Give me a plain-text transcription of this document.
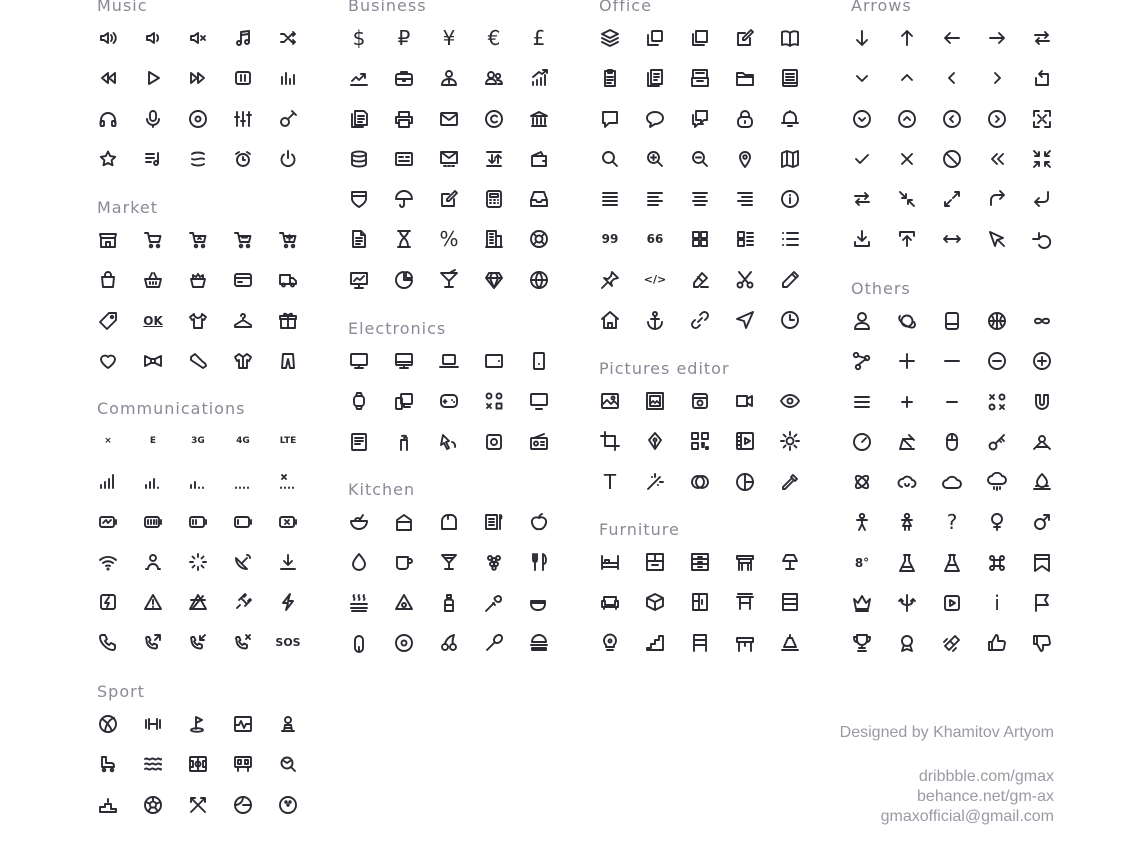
Music
Market
OK
Communications
×	E	3G	4G	LTE
SOS
Sport
Business
$ ₽ ¥ € £
%
Electronics
Kitchen
Office
99 66
</>
Pictures editor
T
Furniture
Arrows
Others
?
8°
i
Designed by Khamitov Artyom
dribbble.com/gmax
behance.net/gm-ax
gmaxofficial@gmail.com
